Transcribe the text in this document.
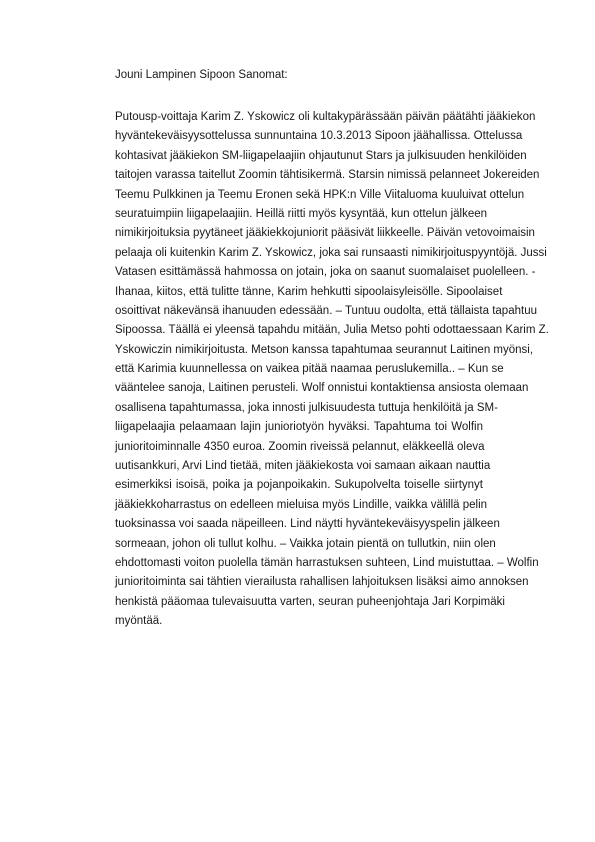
Jouni Lampinen Sipoon Sanomat:
Putousp-voittaja Karim Z. Yskowicz oli kultakypärässään päivän päätähti jääkiekon
hyväntekeväisyysottelussa sunnuntaina 10.3.2013 Sipoon jäähallissa. Ottelussa
kohtasivat jääkiekon SM-liigapelaajiin ohjautunut Stars ja julkisuuden henkilöiden
taitojen varassa taitellut Zoomin tähtisikermä. Starsin nimissä pelanneet Jokereiden
Teemu Pulkkinen ja Teemu Eronen sekä HPK:n Ville Viitaluoma kuuluivat ottelun
seuratuimpiin liigapelaajiin. Heillä riitti myös kysyntää, kun ottelun jälkeen
nimikirjoituksia pyytäneet jääkiekkojuniorit pääsivät liikkeelle. Päivän vetovoimaisin
pelaaja oli kuitenkin Karim Z. Yskowicz, joka sai runsaasti nimikirjoituspyyntöjä. Jussi
Vatasen esittämässä hahmossa on jotain, joka on saanut suomalaiset puolelleen. -
Ihanaa, kiitos, että tulitte tänne, Karim hehkutti sipoolaisyleisölle. Sipoolaiset
osoittivat näkevänsä ihanuuden edessään. – Tuntuu oudolta, että tällaista tapahtuu
Sipoossa. Täällä ei yleensä tapahdu mitään, Julia Metso pohti odottaessaan Karim Z.
Yskowiczin nimikirjoitusta. Metson kanssa tapahtumaa seurannut Laitinen myönsi,
että Karimia kuunnellessa on vaikea pitää naamaa peruslukemilla.. – Kun se
vääntelee sanoja, Laitinen perusteli. Wolf onnistui kontaktiensa ansiosta olemaan
osallisena tapahtumassa, joka innosti julkisuudesta tuttuja henkilöitä ja SM-
liigapelaajia pelaamaan lajin junioriotyön hyväksi. Tapahtuma toi Wolfin
junioritoiminnalle 4350 euroa. Zoomin riveissä pelannut, eläkkeellä oleva
uutisankkuri, Arvi Lind tietää, miten jääkiekosta voi samaan aikaan nauttia
esimerkiksi isoisä, poika ja pojanpoikakin. Sukupolvelta toiselle siirtynyt
jääkiekkoharrastus on edelleen mieluisa myös Lindille, vaikka välillä pelin
tuoksinassa voi saada näpeilleen. Lind näytti hyväntekeväisyyspelin jälkeen
sormeaan, johon oli tullut kolhu. – Vaikka jotain pientä on tullutkin, niin olen
ehdottomasti voiton puolella tämän harrastuksen suhteen, Lind muistuttaa. – Wolfin
junioritoiminta sai tähtien vierailusta rahallisen lahjoituksen lisäksi aimo annoksen
henkistä pääomaa tulevaisuutta varten, seuran puheenjohtaja Jari Korpimäki
myöntää.
